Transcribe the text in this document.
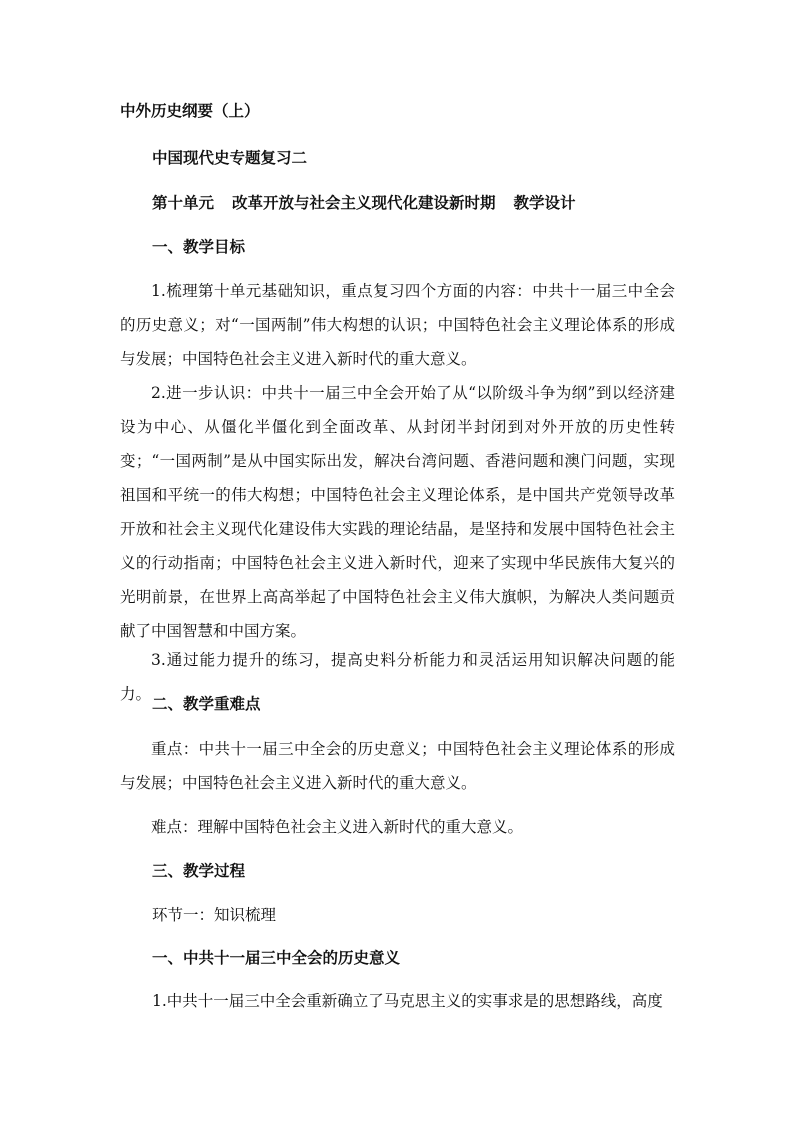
中外历史纲要（上）
中国现代史专题复习二
第十单元 改革开放与社会主义现代化建设新时期 教学设计
一、教学目标
1.梳理第十单元基础知识，重点复习四个方面的内容：中共十一届三中全会的历史意义；对“一国两制”伟大构想的认识；中国特色社会主义理论体系的形成与发展；中国特色社会主义进入新时代的重大意义。
2.进一步认识：中共十一届三中全会开始了从“以阶级斗争为纲”到以经济建设为中心、从僵化半僵化到全面改革、从封闭半封闭到对外开放的历史性转变；“一国两制”是从中国实际出发，解决台湾问题、香港问题和澳门问题，实现祖国和平统一的伟大构想；中国特色社会主义理论体系，是中国共产党领导改革开放和社会主义现代化建设伟大实践的理论结晶，是坚持和发展中国特色社会主义的行动指南；中国特色社会主义进入新时代，迎来了实现中华民族伟大复兴的光明前景，在世界上高高举起了中国特色社会主义伟大旗帜，为解决人类问题贡献了中国智慧和中国方案。
3.通过能力提升的练习，提高史料分析能力和灵活运用知识解决问题的能力。 二、教学重难点
重点：中共十一届三中全会的历史意义；中国特色社会主义理论体系的形成与发展；中国特色社会主义进入新时代的重大意义。
难点：理解中国特色社会主义进入新时代的重大意义。
三、教学过程
环节一：知识梳理
一、中共十一届三中全会的历史意义
1.中共十一届三中全会重新确立了马克思主义的实事求是的思想路线，高度
